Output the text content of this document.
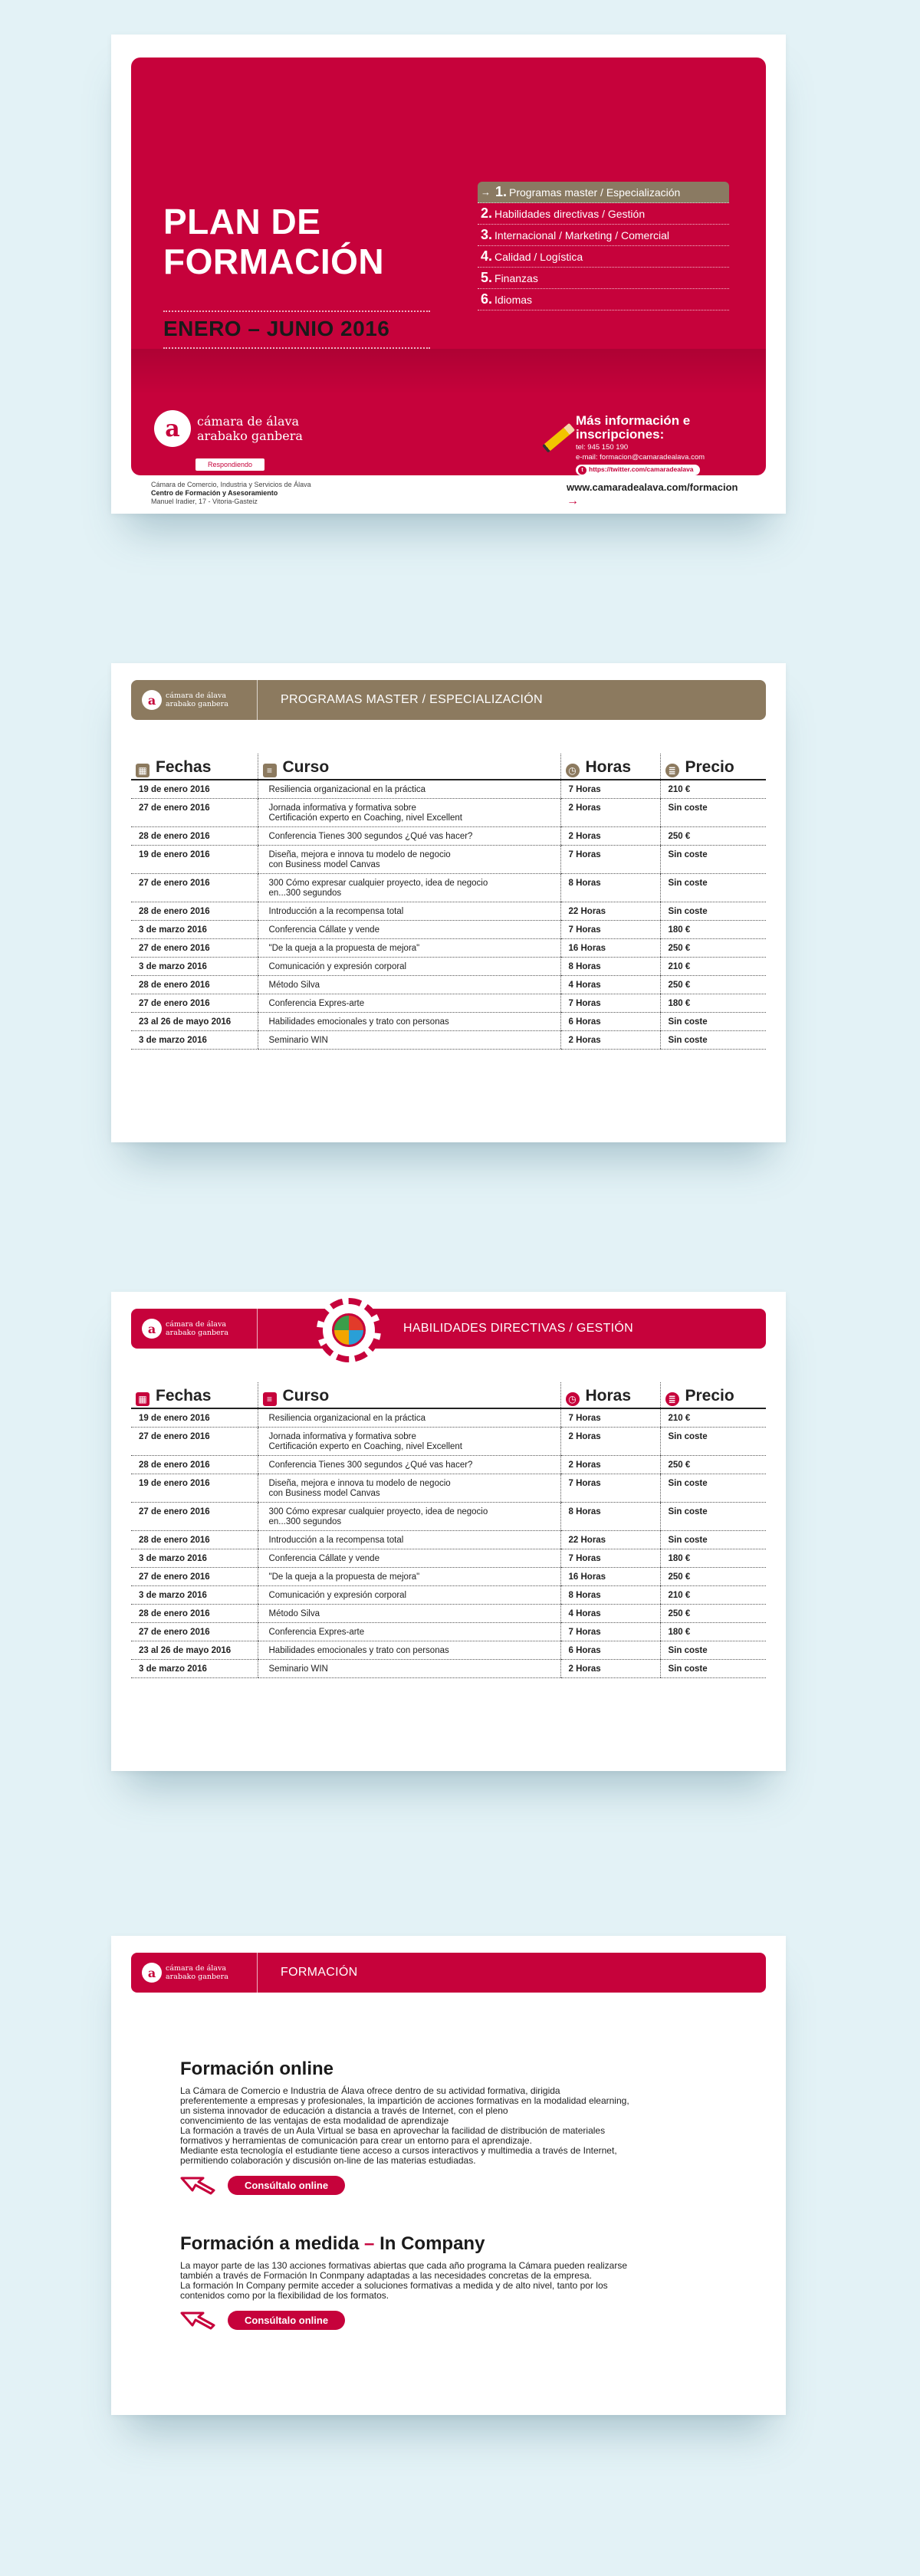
PLAN DE
FORMACIÓN
ENERO – JUNIO 2016
→ 1. Programas master / Especialización
2. Habilidades directivas / Gestión
3. Internacional / Marketing / Comercial
4. Calidad / Logística
5. Finanzas
6. Idiomas
a	cámara de álava
arabako ganbera
Respondiendo
Más información e
inscripciones:
tel: 945 150 190
e-mail: formacion@camaradealava.com
t https://twitter.com/camaradealava
Cámara de Comercio, Industria y Servicios de Álava
Centro de Formación y Asesoramiento
Manuel Iradier, 17 - Vitoria-Gasteiz
www.camaradealava.com/formacion
→
a	cámara de álava
arabako ganbera	PROGRAMAS MASTER / ESPECIALIZACIÓN
▦ Fechas	≡ Curso	◷ Horas	≣ Precio
19 de enero 2016	Resiliencia organizacional en la práctica	7 Horas	210 €
27 de enero 2016	Jornada informativa y formativa sobre
Certificación experto en Coaching, nivel Excellent	2 Horas	Sin coste
28 de enero 2016	Conferencia Tienes 300 segundos ¿Qué vas hacer?	2 Horas	250 €
19 de enero 2016	Diseña, mejora e innova tu modelo de negocio
con Business model Canvas	7 Horas	Sin coste
27 de enero 2016	300 Cómo expresar cualquier proyecto, idea de negocio
en...300 segundos	8 Horas	Sin coste
28 de enero 2016	Introducción a la recompensa total	22 Horas	Sin coste
3 de marzo 2016	Conferencia Cállate y vende	7 Horas	180 €
27 de enero 2016	"De la queja a la propuesta de mejora"	16 Horas	250 €
3 de marzo 2016	Comunicación y expresión corporal	8 Horas	210 €
28 de enero 2016	Método Silva	4 Horas	250 €
27 de enero 2016	Conferencia Expres-arte	7 Horas	180 €
23 al 26 de mayo 2016	Habilidades emocionales y trato con personas	6 Horas	Sin coste
3 de marzo 2016	Seminario WIN	2 Horas	Sin coste
a	cámara de álava
arabako ganbera	HABILIDADES DIRECTIVAS / GESTIÓN
▦ Fechas	≡ Curso	◷ Horas	≣ Precio
19 de enero 2016	Resiliencia organizacional en la práctica	7 Horas	210 €
27 de enero 2016	Jornada informativa y formativa sobre
Certificación experto en Coaching, nivel Excellent	2 Horas	Sin coste
28 de enero 2016	Conferencia Tienes 300 segundos ¿Qué vas hacer?	2 Horas	250 €
19 de enero 2016	Diseña, mejora e innova tu modelo de negocio
con Business model Canvas	7 Horas	Sin coste
27 de enero 2016	300 Cómo expresar cualquier proyecto, idea de negocio
en...300 segundos	8 Horas	Sin coste
28 de enero 2016	Introducción a la recompensa total	22 Horas	Sin coste
3 de marzo 2016	Conferencia Cállate y vende	7 Horas	180 €
27 de enero 2016	"De la queja a la propuesta de mejora"	16 Horas	250 €
3 de marzo 2016	Comunicación y expresión corporal	8 Horas	210 €
28 de enero 2016	Método Silva	4 Horas	250 €
27 de enero 2016	Conferencia Expres-arte	7 Horas	180 €
23 al 26 de mayo 2016	Habilidades emocionales y trato con personas	6 Horas	Sin coste
3 de marzo 2016	Seminario WIN	2 Horas	Sin coste
a	cámara de álava
arabako ganbera	FORMACIÓN
Formación online

La Cámara de Comercio e Industria de Álava ofrece dentro de su actividad formativa, dirigida
preferentemente a empresas y profesionales, la impartición de acciones formativas en la modalidad elearning,
un sistema innovador de educación a distancia a través de Internet, con el pleno
convencimiento de las ventajas de esta modalidad de aprendizaje
La formación a través de un Aula Virtual se basa en aprovechar la facilidad de distribución de materiales
formativos y herramientas de comunicación para crear un entorno para el aprendizaje.
Mediante esta tecnología el estudiante tiene acceso a cursos interactivos y multimedia a través de Internet,
permitiendo colaboración y discusión on-line de las materias estudiadas.

Consúltalo online
Formación a medida – In Company

La mayor parte de las 130 acciones formativas abiertas que cada año programa la Cámara pueden realizarse
también a través de Formación In Conmpany adaptadas a las necesidades concretas de la empresa.
La formación In Company permite acceder a soluciones formativas a medida y de alto nivel, tanto por los
contenidos como por la flexibilidad de los formatos.

Consúltalo online
